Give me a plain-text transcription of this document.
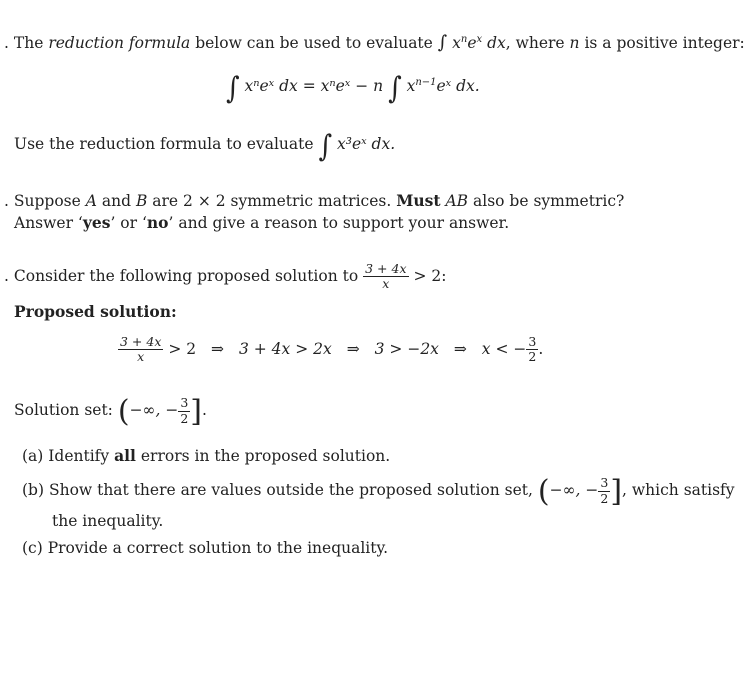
. The reduction formula below can be used to evaluate ∫ $x^ne^x$ dx, where n is a positive integer:
∫ xⁿeˣ dx = xⁿeˣ − n ∫ $x^{n-1}eˣ$ dx.
Use the reduction formula to evaluate ∫ x³eˣ dx.
. Suppose A and B are 2 × 2 symmetric matrices. Must AB also be symmetric?
Answer ‘yes’ or ‘no’ and give a reason to support your answer.
. Consider the following proposed solution to $\frac{3 + 4x}{x} > 2$:
Proposed solution:
$\frac{3 + 4x}{x} > 2$ ⇒ 3 + 4x > 2x ⇒ 3 > −2x ⇒ x < − $\frac{3}{2}$ .
Solution set: (−∞, − $\frac{3}{2}$ ].
(a) Identify all errors in the proposed solution.
(b) Show that there are values outside the proposed solution set, (−∞, − $\frac{3}{2}$ ], which satisfy
the inequality.
(c) Provide a correct solution to the inequality.
